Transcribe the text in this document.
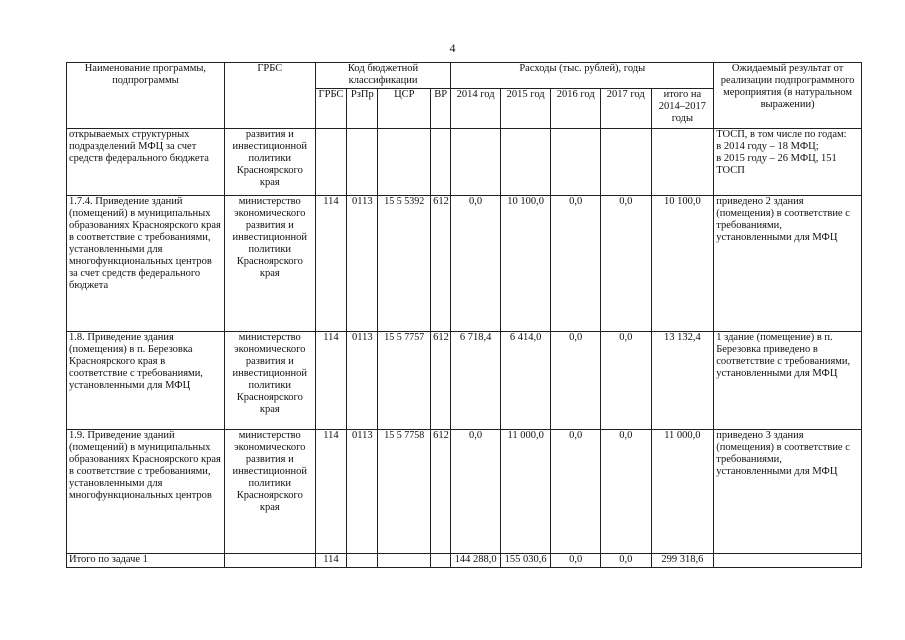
4
Наименование программы, подпрограммы	ГРБС	Код бюджетной классификации				Расходы (тыс. рублей), годы					Ожидаемый результат от реализации подпрограммного мероприятия (в натуральном выражении)
		ГРБС	РзПр	ЦСР	ВР	2014 год	2015 год	2016 год	2017 год	итого на 2014–2017 годы	
открываемых структурных подразделений МФЦ за счет средств федерального бюджета	развития и инвестиционной политики Красноярского края										ТОСП, в том числе по годам:
в 2014 году – 18 МФЦ;
в 2015 году – 26 МФЦ, 151 ТОСП
1.7.4. Приведение зданий (помещений) в муниципальных образованиях Красноярского края в соответствие с требованиями, установленными для многофункциональных центров за счет средств федерального бюджета	министерство экономического развития и инвестиционной политики Красноярского края	114	0113	15 5 5392	612	0,0	10 100,0	0,0	0,0	10 100,0	приведено 2 здания (помещения) в соответствие с требованиями, установленными для МФЦ
1.8. Приведение здания (помещения) в п. Березовка Красноярского края в соответствие с требованиями, установленными для МФЦ	министерство экономического развития и инвестиционной политики Красноярского края	114	0113	15 5 7757	612	6 718,4	6 414,0	0,0	0,0	13 132,4	1 здание (помещение) в п. Березовка приведено в соответствие с требованиями, установленными для МФЦ
1.9. Приведение зданий (помещений) в муниципальных образованиях Красноярского края в соответствие с требованиями, установленными для многофункциональных центров	министерство экономического развития и инвестиционной политики Красноярского края	114	0113	15 5 7758	612	0,0	11 000,0	0,0	0,0	11 000,0	приведено 3 здания (помещения) в соответствие с требованиями, установленными для МФЦ
Итого по задаче 1		114				144 288,0	155 030,6	0,0	0,0	299 318,6	
